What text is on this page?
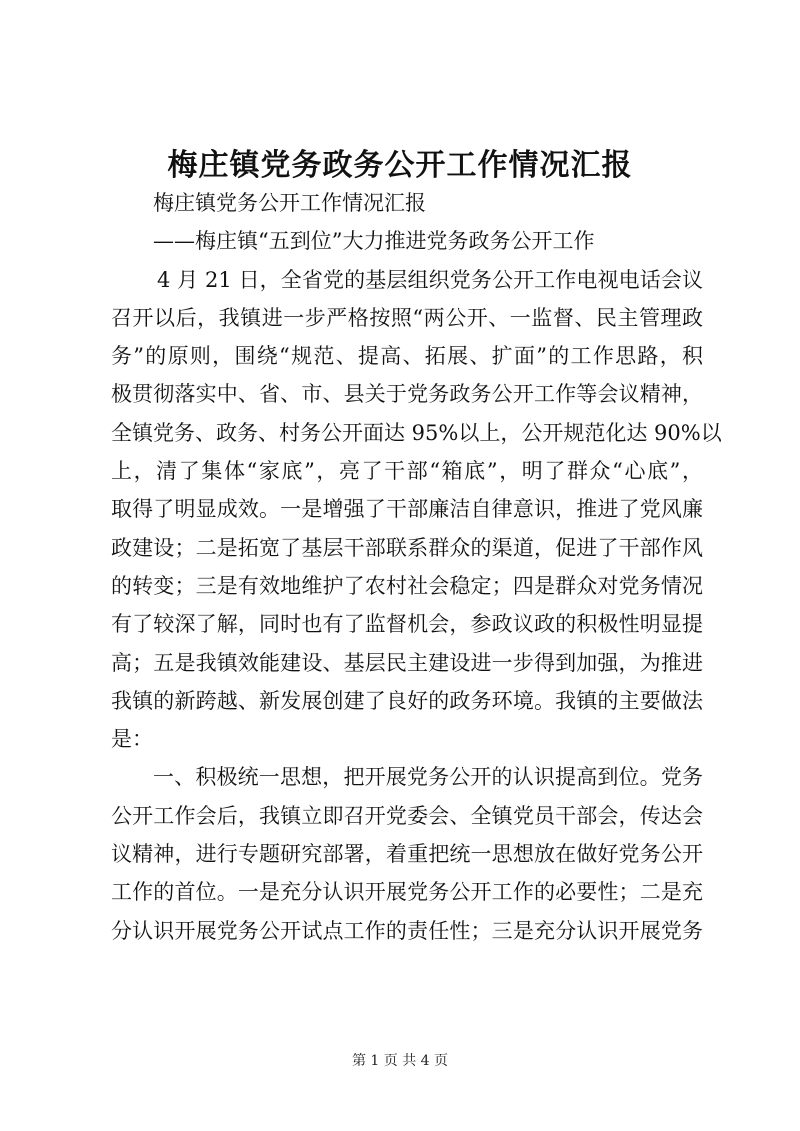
梅庄镇党务政务公开工作情况汇报
梅庄镇党务公开工作情况汇报
——梅庄镇“五到位”大力推进党务政务公开工作
4 月 21 日，全省党的基层组织党务公开工作电视电话会议
召开以后，我镇进一步严格按照“两公开、一监督、民主管理政
务”的原则，围绕“规范、提高、拓展、扩面”的工作思路，积
极贯彻落实中、省、市、县关于党务政务公开工作等会议精神，
全镇党务、政务、村务公开面达 95%以上，公开规范化达 90%以
上，清了集体“家底”，亮了干部“箱底”，明了群众“心底”，
取得了明显成效。一是增强了干部廉洁自律意识，推进了党风廉
政建设；二是拓宽了基层干部联系群众的渠道，促进了干部作风
的转变；三是有效地维护了农村社会稳定；四是群众对党务情况
有了较深了解，同时也有了监督机会，参政议政的积极性明显提
高；五是我镇效能建设、基层民主建设进一步得到加强，为推进
我镇的新跨越、新发展创建了良好的政务环境。我镇的主要做法
是：
一、积极统一思想，把开展党务公开的认识提高到位。党务
公开工作会后，我镇立即召开党委会、全镇党员干部会，传达会
议精神，进行专题研究部署，着重把统一思想放在做好党务公开
工作的首位。一是充分认识开展党务公开工作的必要性；二是充
分认识开展党务公开试点工作的责任性；三是充分认识开展党务
第 1 页 共 4 页
